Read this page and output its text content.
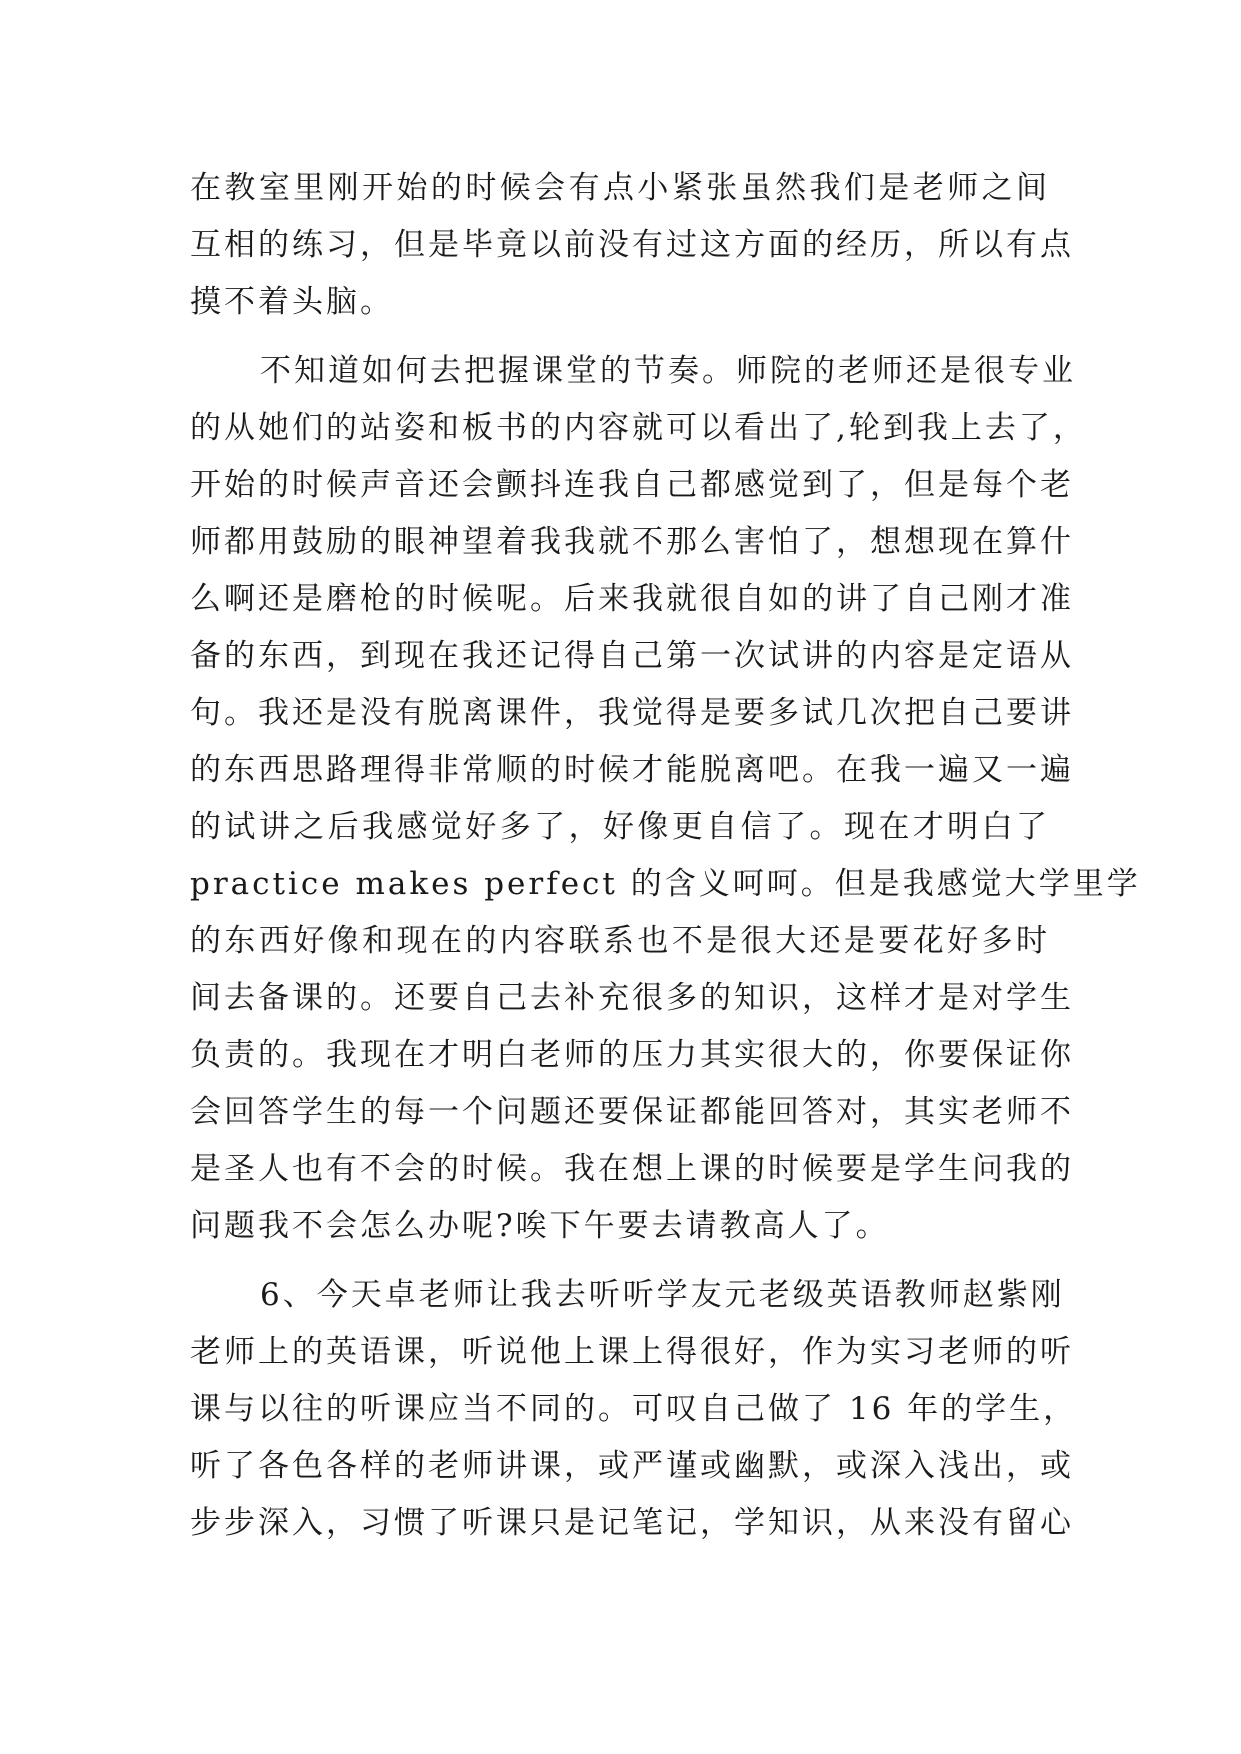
在教室里刚开始的时候会有点小紧张虽然我们是老师之间
互相的练习，但是毕竟以前没有过这方面的经历，所以有点
摸不着头脑。
不知道如何去把握课堂的节奏。师院的老师还是很专业
的从她们的站姿和板书的内容就可以看出了,轮到我上去了，
开始的时候声音还会颤抖连我自己都感觉到了，但是每个老
师都用鼓励的眼神望着我我就不那么害怕了，想想现在算什
么啊还是磨枪的时候呢。后来我就很自如的讲了自己刚才准
备的东西，到现在我还记得自己第一次试讲的内容是定语从
句。我还是没有脱离课件，我觉得是要多试几次把自己要讲
的东西思路理得非常顺的时候才能脱离吧。在我一遍又一遍
的试讲之后我感觉好多了，好像更自信了。现在才明白了
practice makes perfect 的含义呵呵。但是我感觉大学里学
的东西好像和现在的内容联系也不是很大还是要花好多时
间去备课的。还要自己去补充很多的知识，这样才是对学生
负责的。我现在才明白老师的压力其实很大的，你要保证你
会回答学生的每一个问题还要保证都能回答对，其实老师不
是圣人也有不会的时候。我在想上课的时候要是学生问我的
问题我不会怎么办呢?唉下午要去请教高人了。
6、今天卓老师让我去听听学友元老级英语教师赵紫刚
老师上的英语课，听说他上课上得很好，作为实习老师的听
课与以往的听课应当不同的。可叹自己做了 16 年的学生，
听了各色各样的老师讲课，或严谨或幽默，或深入浅出，或
步步深入，习惯了听课只是记笔记，学知识，从来没有留心
